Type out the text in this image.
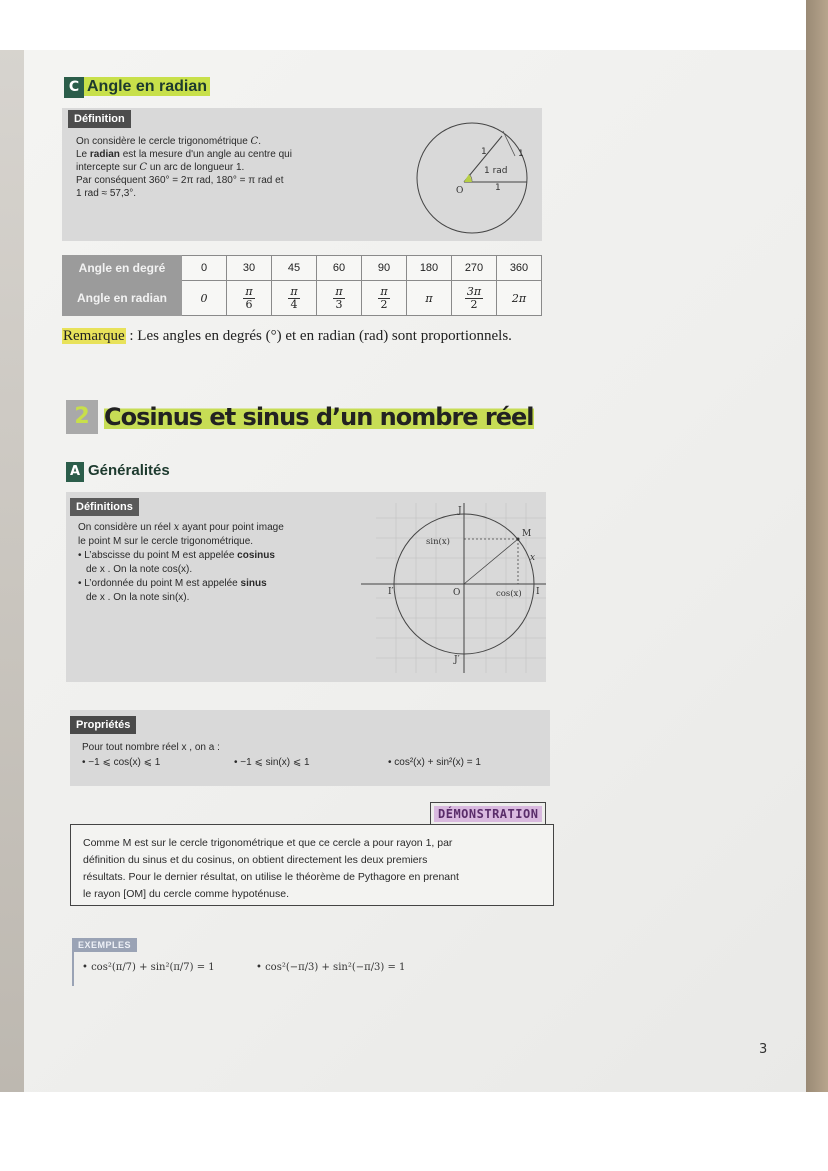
C Angle en radian
Définition
On considère le cercle trigonométrique C.
Le radian est la mesure d'un angle au centre qui
intercepte sur C un arc de longueur 1.
Par conséquent 360° = 2π rad, 180° = π rad et
1 rad ≈ 57,3°.
1	1
1 rad
1
O
Angle en degré	0	30	45	60	90	180	270	360
Angle en radian	0	$\frac{\pi}{6}$	$\frac{\pi}{4}$	$\frac{\pi}{3}$	$\frac{\pi}{2}$	π	$\frac{3\pi}{2}$	2π
Remarque : Les angles en degrés (°) et en radian (rad) sont proportionnels.
2 Cosinus et sinus d’un nombre réel
A Généralités
Définitions
On considère un réel x ayant pour point image
le point M sur le cercle trigonométrique.
• L’abscisse du point M est appelée cosinus
de x . On la note cos(x).
• L’ordonnée du point M est appelée sinus
de x . On la note sin(x).
J
J′
I
I′	O
M
x
sin(x)
cos(x)
Propriétés
Pour tout nombre réel x , on a :
• −1 ⩽ cos(x) ⩽ 1	• −1 ⩽ sin(x) ⩽ 1	• cos²(x) + sin²(x) = 1
DÉMONSTRATION
Comme M est sur le cercle trigonométrique et que ce cercle a pour rayon 1, par
définition du sinus et du cosinus, on obtient directement les deux premiers
résultats. Pour le dernier résultat, on utilise le théorème de Pythagore en prenant
le rayon [OM] du cercle comme hypoténuse.
EXEMPLES
• cos²(π/7) + sin²(π/7) = 1	• cos²(−π/3) + sin²(−π/3) = 1
3
